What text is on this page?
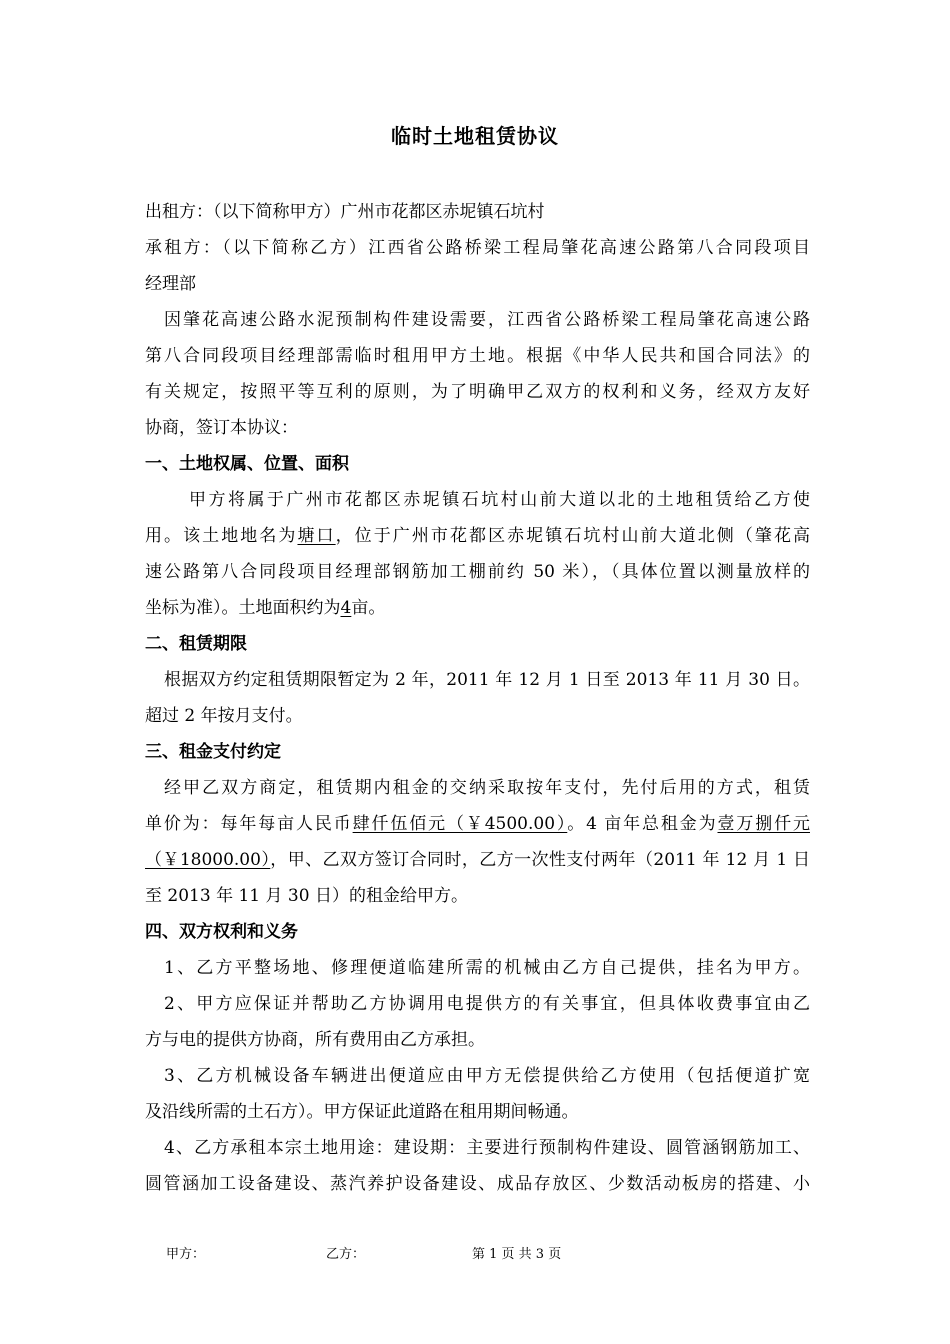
临时土地租赁协议
出租方：（以下简称甲方）广州市花都区赤坭镇石坑村
承租方：（以下简称乙方）江西省公路桥梁工程局肇花高速公路第八合同段项目
经理部
因肇花高速公路水泥预制构件建设需要，江西省公路桥梁工程局肇花高速公路
第八合同段项目经理部需临时租用甲方土地。根据《中华人民共和国合同法》的
有关规定，按照平等互利的原则，为了明确甲乙双方的权利和义务，经双方友好
协商，签订本协议：
一、土地权属、位置、面积
甲方将属于广州市花都区赤坭镇石坑村山前大道以北的土地租赁给乙方使
用。该土地地名为塘口，位于广州市花都区赤坭镇石坑村山前大道北侧（肇花高
速公路第八合同段项目经理部钢筋加工棚前约 50 米），（具体位置以测量放样的
坐标为准）。土地面积约为4亩。
二、租赁期限
根据双方约定租赁期限暂定为 2 年，2011 年 12 月 1 日至 2013 年 11 月 30 日。
超过 2 年按月支付。
三、租金支付约定
经甲乙双方商定，租赁期内租金的交纳采取按年支付，先付后用的方式，租赁
单价为：每年每亩人民币肆仟伍佰元（￥4500.00）。4 亩年总租金为壹万捌仟元
（￥18000.00），甲、乙双方签订合同时，乙方一次性支付两年（2011 年 12 月 1 日
至 2013 年 11 月 30 日）的租金给甲方。
四、双方权利和义务
1、乙方平整场地、修理便道临建所需的机械由乙方自己提供，挂名为甲方。
2、甲方应保证并帮助乙方协调用电提供方的有关事宜，但具体收费事宜由乙
方与电的提供方协商，所有费用由乙方承担。
3、乙方机械设备车辆进出便道应由甲方无偿提供给乙方使用（包括便道扩宽
及沿线所需的土石方）。甲方保证此道路在租用期间畅通。
4、乙方承租本宗土地用途：建设期：主要进行预制构件建设、圆管涵钢筋加工、
圆管涵加工设备建设、蒸汽养护设备建设、成品存放区、少数活动板房的搭建、小
甲方：	乙方：	第 1 页 共 3 页
